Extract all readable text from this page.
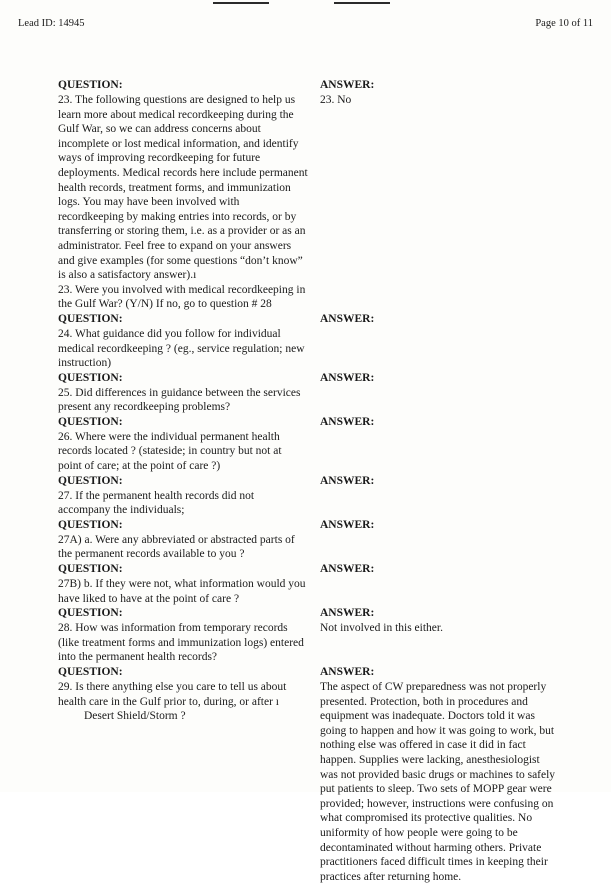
Lead ID: 14945	Page 10 of 11
QUESTION:
23. The following questions are designed to help us learn more about medical recordkeeping during the Gulf War, so we can address concerns about incomplete or lost medical information, and identify ways of improving recordkeeping for future deployments. Medical records here include permanent health records, treatment forms, and immunization logs. You may have been involved with recordkeeping by making entries into records, or by transferring or storing them, i.e. as a provider or as an administrator. Feel free to expand on your answers and give examples (for some questions “don’t know” is also a satisfactory answer).ı
ANSWER:
23. No
23. Were you involved with medical recordkeeping in the Gulf War? (Y/N) If no, go to question # 28
QUESTION:
24. What guidance did you follow for individual medical recordkeeping ? (eg., service regulation; new instruction)
ANSWER:
QUESTION:
25. Did differences in guidance between the services present any recordkeeping problems?
ANSWER:
QUESTION:
26. Where were the individual permanent health records located ? (stateside; in country but not at point of care; at the point of care ?)
ANSWER:
QUESTION:
27. If the permanent health records did not accompany the individuals;
ANSWER:
QUESTION:
27A) a. Were any abbreviated or abstracted parts of the permanent records available to you ?
ANSWER:
QUESTION:
27B) b. If they were not, what information would you have liked to have at the point of care ?
ANSWER:
QUESTION:
28. How was information from temporary records (like treatment forms and immunization logs) entered into the permanent health records?
ANSWER:
Not involved in this either.
QUESTION:
29. Is there anything else you care to tell us about health care in the Gulf prior to, during, or after ı
Desert Shield/Storm ?
ANSWER:
The aspect of CW preparedness was not properly presented. Protection, both in procedures and equipment was inadequate. Doctors told it was going to happen and how it was going to work, but nothing else was offered in case it did in fact happen. Supplies were lacking, anesthesiologist was not provided basic drugs or machines to safely put patients to sleep. Two sets of MOPP gear were provided; however, instructions were confusing on what compromised its protective qualities. No uniformity of how people were going to be decontaminated without harming others. Private practitioners faced difficult times in keeping their practices after returning home.
